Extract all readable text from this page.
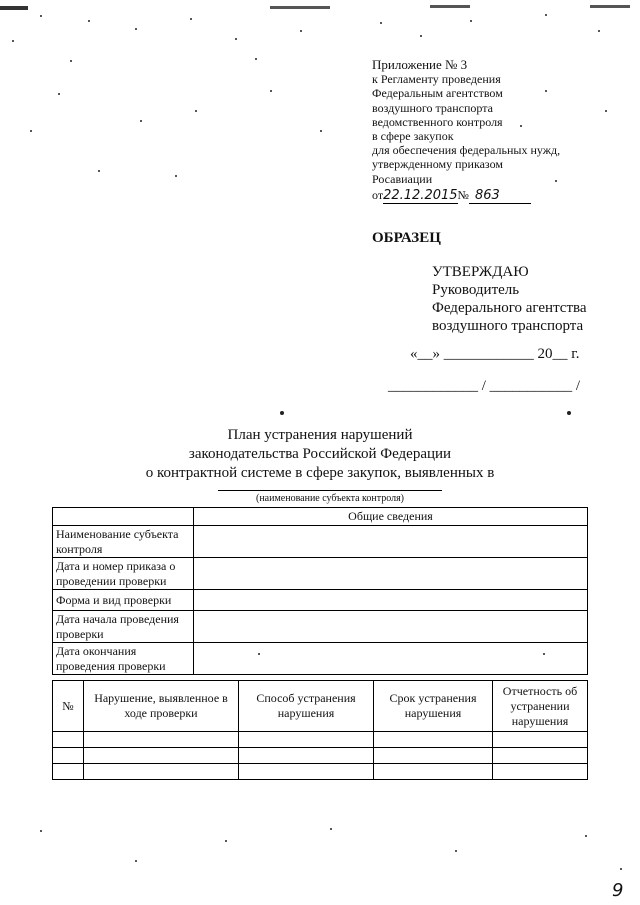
Приложение № 3
к Регламенту проведения
Федеральным агентством
воздушного транспорта
ведомственного контроля
в сфере закупок
для обеспечения федеральных нужд,
утвержденному приказом
Росавиации
от22.12.2015№ 863
ОБРАЗЕЦ
УТВЕРЖДАЮ
Руководитель
Федерального агентства
воздушного транспорта
«__» ____________ 20__ г.
____________ / ___________ /
План устранения нарушений
законодательства Российской Федерации
о контрактной системе в сфере закупок, выявленных в
(наименование субъекта контроля)
	Общие сведения
Наименование субъекта контроля	
Дата и номер приказа о проведении проверки	
Форма и вид проверки	
Дата начала проведения проверки	
Дата окончания проведения проверки	
№	Нарушение, выявленное в ходе проверки	Способ устранения нарушения	Срок устранения нарушения	Отчетность об устранении нарушения

9
